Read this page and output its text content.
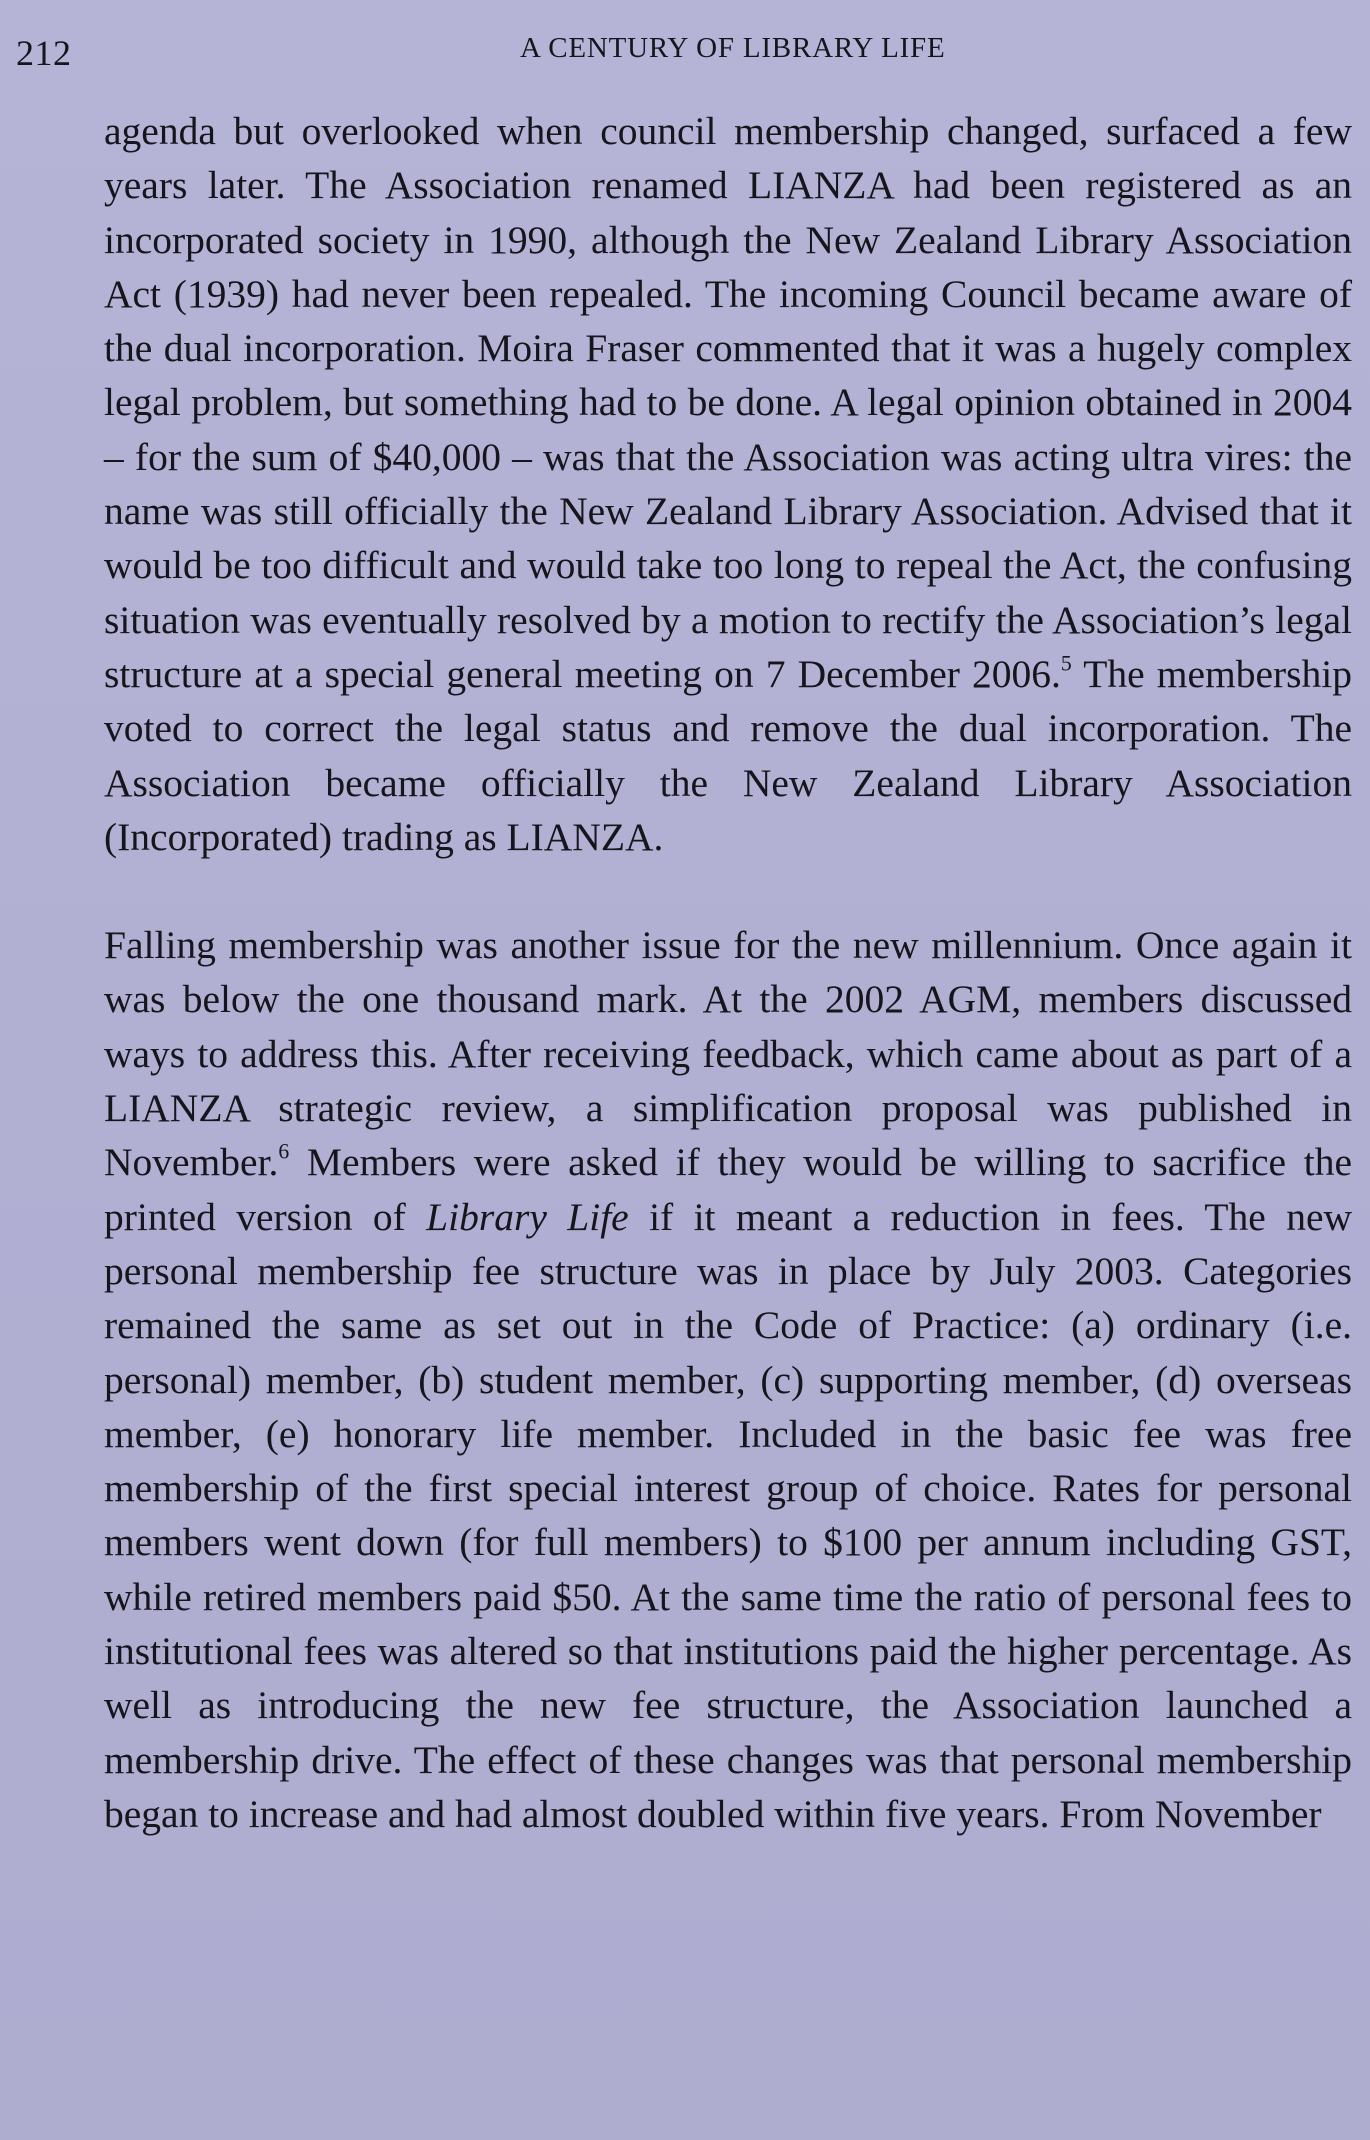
212	A CENTURY OF LIBRARY LIFE

agenda but overlooked when council membership changed, surfaced a few years later. The Association renamed LIANZA had been registered as an incorporated society in 1990, although the New Zealand Library Association Act (1939) had never been repealed. The incoming Council became aware of the dual incorporation. Moira Fraser commented that it was a hugely complex legal problem, but something had to be done. A legal opinion obtained in 2004 – for the sum of $40,000 – was that the Association was acting ultra vires: the name was still officially the New Zealand Library Association. Advised that it would be too difficult and would take too long to repeal the Act, the confusing situation was eventually resolved by a motion to rectify the Association’s legal structure at a special general meeting on 7 December 2006.$^5$ The membership voted to correct the legal status and remove the dual incorporation. The Association became officially the New Zealand Library Association (Incorporated) trading as LIANZA.

Falling membership was another issue for the new millennium. Once again it was below the one thousand mark. At the 2002 AGM, members discussed ways to address this. After receiving feedback, which came about as part of a LIANZA strategic review, a simplification proposal was published in November.$^6$ Members were asked if they would be willing to sacrifice the printed version of Library Life if it meant a reduction in fees. The new personal membership fee structure was in place by July 2003. Categories remained the same as set out in the Code of Practice: (a) ordinary (i.e. personal) member, (b) student member, (c) supporting member, (d) overseas member, (e) honorary life member. Included in the basic fee was free membership of the first special interest group of choice. Rates for personal members went down (for full members) to $100 per annum including GST, while retired members paid $50. At the same time the ratio of personal fees to institutional fees was altered so that institutions paid the higher percentage. As well as introducing the new fee structure, the Association launched a membership drive. The effect of these changes was that personal membership began to increase and had almost doubled within five years. From November
